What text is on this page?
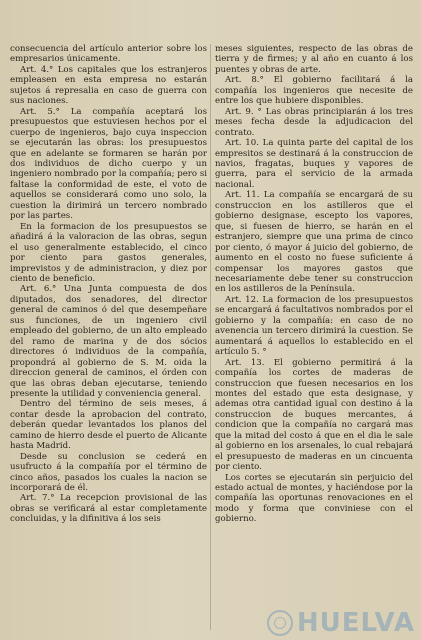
consecuencia del artículo anterior sobre los empresarios únicamente.

Art. 4.° Los capitales que los estranjeros empleasen en esta empresa no estarán sujetos á represalia en caso de guerra con sus naciones.

Art. 5.° La compañía aceptará los presupuestos que estuviesen hechos por el cuerpo de ingenieros, bajo cuya inspeccion se ejecutarán las obras: los presupuestos que en adelante se formaren se harán por dos individuos de dicho cuerpo y un ingeniero nombrado por la compañía; pero si faltase la conformidad de este, el voto de aquellos se considerará como uno solo, la cuestion la dirimirá un tercero nombrado por las partes.

En la formacion de los presupuestos se añadirá á la valoracion de las obras, segun el uso generalmente establecido, el cinco por ciento para gastos generales, imprevistos y de administracion, y diez por ciento de beneficio.

Art. 6.° Una Junta compuesta de dos diputados, dos senadores, del director general de caminos ó del que desempeñare sus funciones, de un ingeniero civil empleado del gobierno, de un alto empleado del ramo de marina y de dos sócios directores ó individuos de la compañía, propondrá al gobierno de S. M. oida la direccion general de caminos, el órden con que las obras deban ejecutarse, teniendo presente la utilidad y conveniencia general.

Dentro del término de seis meses, á contar desde la aprobacion del contrato, deberán quedar levantados los planos del camino de hierro desde el puerto de Alicante hasta Madrid.

Desde su conclusion se cederá en usufructo á la compañía por el término de cinco años, pasados los cuales la nacion se incorporará de él.

Art. 7.° La recepcion provisional de las obras se verificará al estar completamente concluidas, y la difinitiva á los seis

meses siguientes, respecto de las obras de tierra y de firmes; y al año en cuanto á los puentes y obras de arte.

Art. 8.° El gobierno facilitará á la compañía los ingenieros que necesite de entre los que hubiere disponibles.

Art. 9. ° Las obras principiarán á los tres meses fecha desde la adjudicacion del contrato.

Art. 10. La quinta parte del capital de los empresitos se destinará á la construccion de navios, fragatas, buques y vapores de guerra, para el servicio de la armada nacional.

Art. 11. La compañía se encargará de su construccion en los astilleros que el gobierno designase, escepto los vapores, que, si fuesen de hierro, se harán en el estranjero, siempre que una prima de cinco por ciento, ó mayor á juicio del gobierno, de aumento en el costo no fuese suficiente á compensar los mayores gastos que necesariamente debe tener su construccion en los astilleros de la Península.

Art. 12. La formacion de los presupuestos se encargará á facultativos nombrados por el gobierno y la compañía: en caso de no avenencia un tercero dirimirá la cuestion. Se aumentará á aquellos lo establecido en el artículo 5. °

Art. 13. El gobierno permitirá á la compañía los cortes de maderas de construccion que fuesen necesarios en los montes del estado que esta designase, y ademas otra cantidad igual con destino á la construccion de buques mercantes, á condicion que la compañía no cargará mas que la mitad del costo á que en el dia le sale al gobierno en los arsenales, lo cual rebajará el presupuesto de maderas en un cincuenta por ciento.

Los cortes se ejecutarán sin perjuicio del estado actual de montes, y haciéndose por la compañía las oportunas renovaciones en el modo y forma que conviniese con el gobierno.

HUELVA
